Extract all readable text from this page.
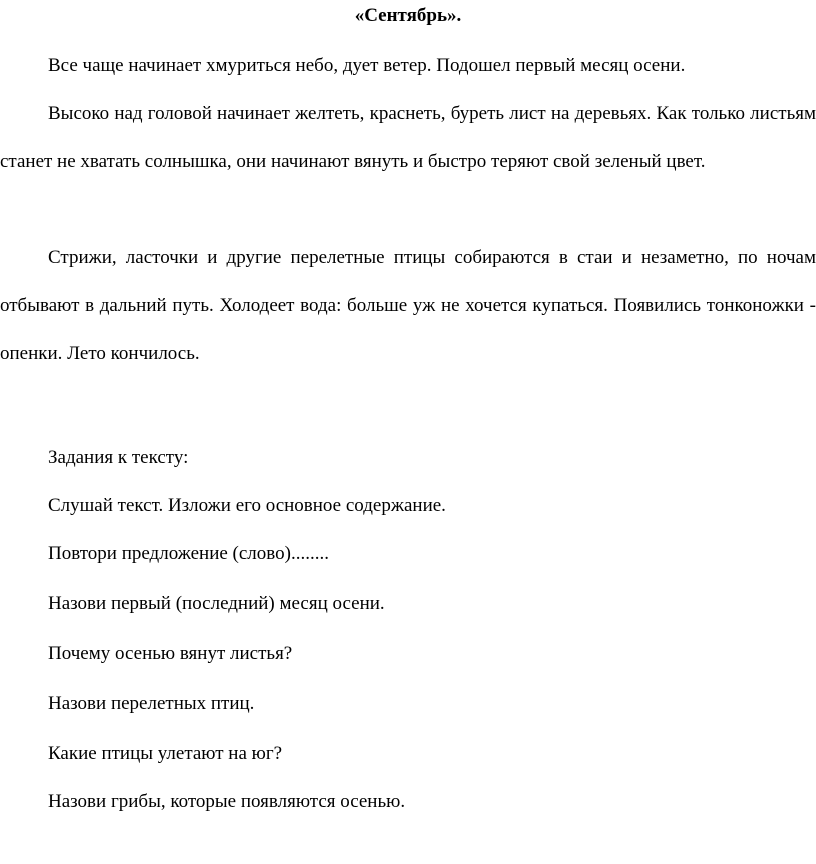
«Сентябрь».
Все чаще начинает хмуриться небо, дует ветер. Подошел первый месяц осени.
Высоко над головой начинает желтеть, краснеть, буреть лист на деревьях. Как только листьям станет не хватать солнышка, они начинают вянуть и быстро теряют свой зеленый цвет.
Стрижи, ласточки и другие перелетные птицы собираются в стаи и незаметно, по ночам отбывают в дальний путь. Холодеет вода: больше уж не хочется купаться. Появились тонконожки - опенки. Лето кончилось.
Задания к тексту:
Слушай текст. Изложи его основное содержание.
Повтори предложение (слово)........
Назови первый (последний) месяц осени.
Почему осенью вянут листья?
Назови перелетных птиц.
Какие птицы улетают на юг?
Назови грибы, которые появляются осенью.
